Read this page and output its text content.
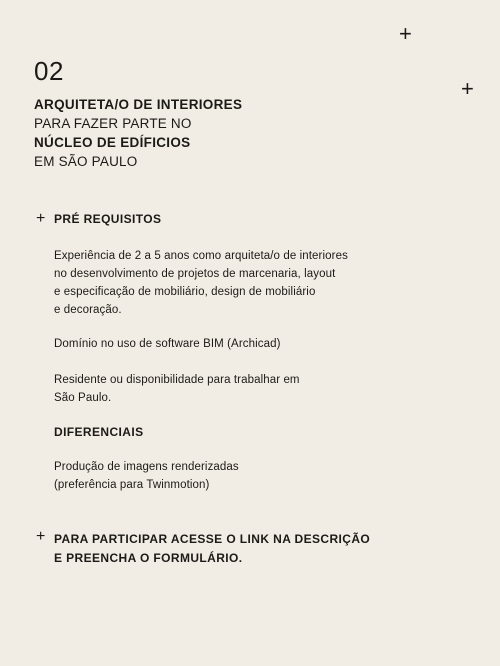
+
+
02
ARQUITETA/O DE INTERIORES
PARA FAZER PARTE NO
NÚCLEO DE EDÍFICIOS
EM SÃO PAULO
+ PRÉ REQUISITOS
Experiência de 2 a 5 anos como arquiteta/o de interiores
no desenvolvimento de projetos de marcenaria, layout
e especificação de mobiliário, design de mobiliário
e decoração.
Domínio no uso de software BIM (Archicad)
Residente ou disponibilidade para trabalhar em
São Paulo.
DIFERENCIAIS
Produção de imagens renderizadas
(preferência para Twinmotion)
+ PARA PARTICIPAR ACESSE O LINK NA DESCRIÇÃO
E PREENCHA O FORMULÁRIO.
